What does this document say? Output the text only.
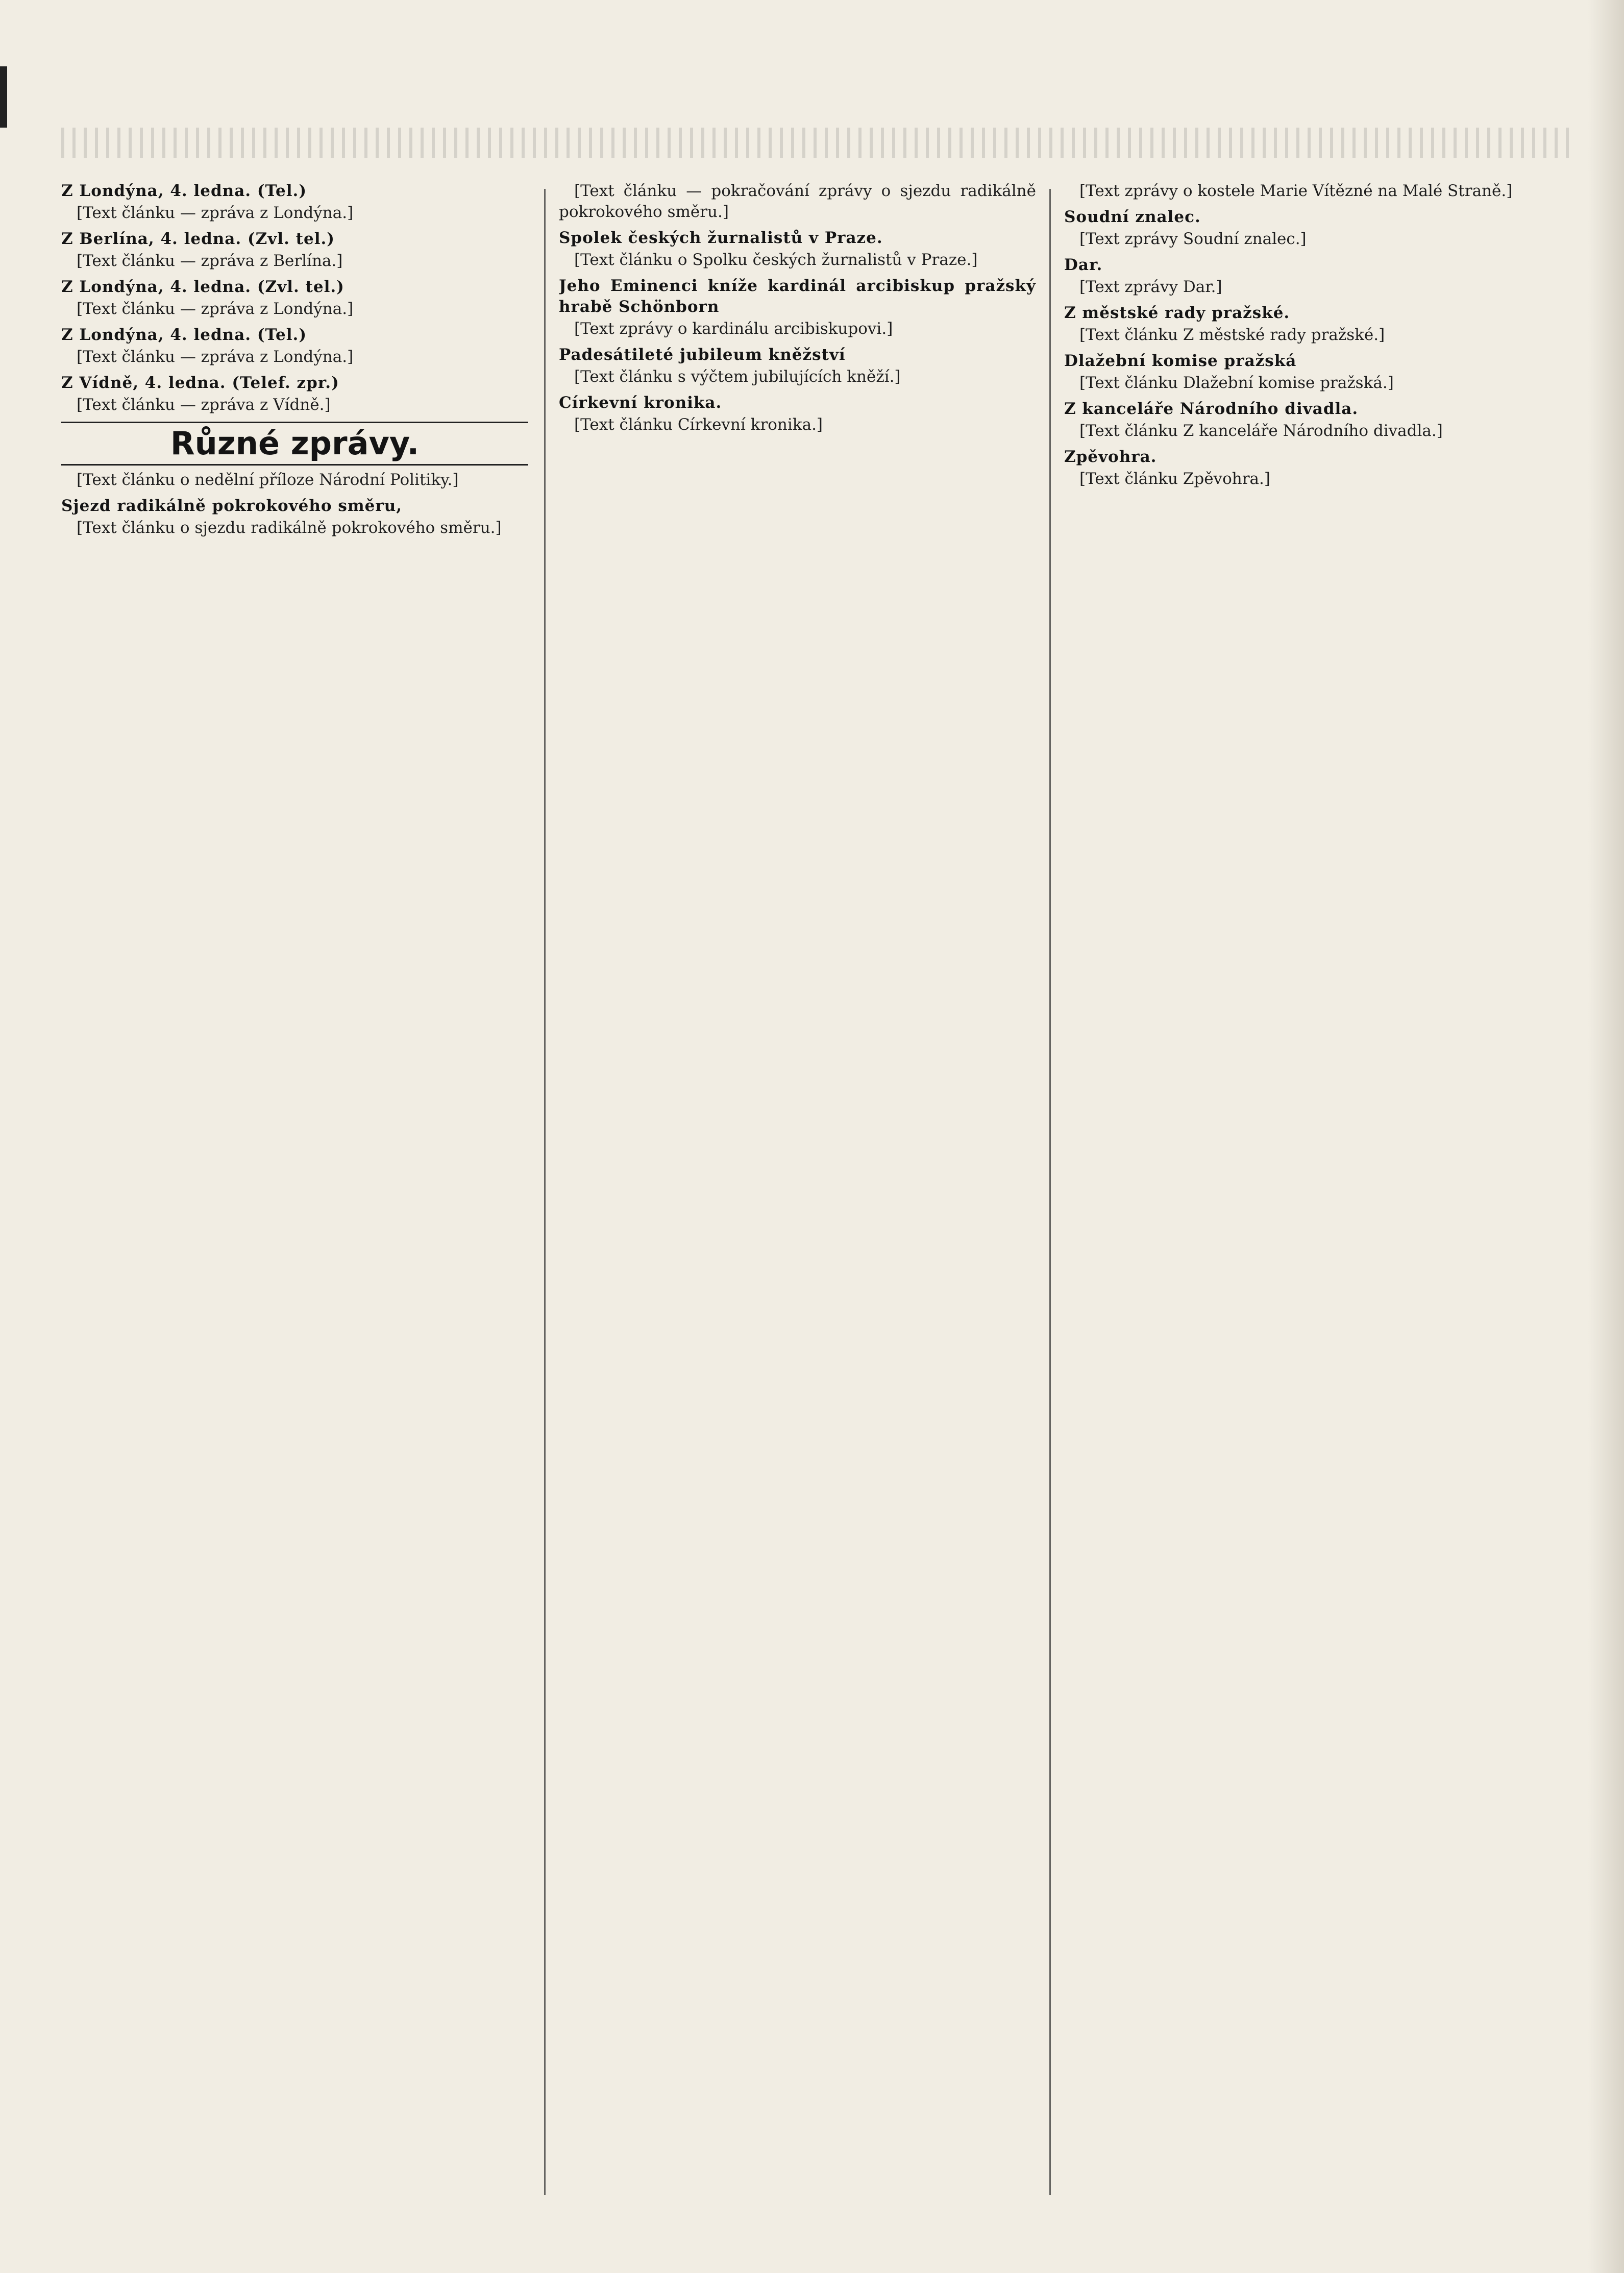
Z Londýna, 4. ledna. (Tel.)

[Text článku — zpráva z Londýna.]

Z Berlína, 4. ledna. (Zvl. tel.)

[Text článku — zpráva z Berlína.]

Z Londýna, 4. ledna. (Zvl. tel.)

[Text článku — zpráva z Londýna.]

Z Londýna, 4. ledna. (Tel.)

[Text článku — zpráva z Londýna.]

Z Vídně, 4. ledna. (Telef. zpr.)

[Text článku — zpráva z Vídně.]

Různé zprávy.

[Text článku o nedělní příloze Národní Politiky.]

Sjezd radikálně pokrokového směru,

[Text článku o sjezdu radikálně pokrokového směru.]

[Text článku — pokračování zprávy o sjezdu radikálně pokrokového směru.]

Spolek českých žurnalistů v Praze.

[Text článku o Spolku českých žurnalistů v Praze.]

Jeho Eminenci kníže kardinál arcibiskup pražský hrabě Schönborn

[Text zprávy o kardinálu arcibiskupovi.]

Padesátileté jubileum kněžství

[Text článku s výčtem jubilujících kněží.]

Církevní kronika.

[Text článku Církevní kronika.]

[Text zprávy o kostele Marie Vítězné na Malé Straně.]

Soudní znalec.

[Text zprávy Soudní znalec.]

Dar.

[Text zprávy Dar.]

Z městské rady pražské.

[Text článku Z městské rady pražské.]

Dlažební komise pražská

[Text článku Dlažební komise pražská.]

Z kanceláře Národního divadla.

[Text článku Z kanceláře Národního divadla.]

Zpěvohra.

[Text článku Zpěvohra.]
